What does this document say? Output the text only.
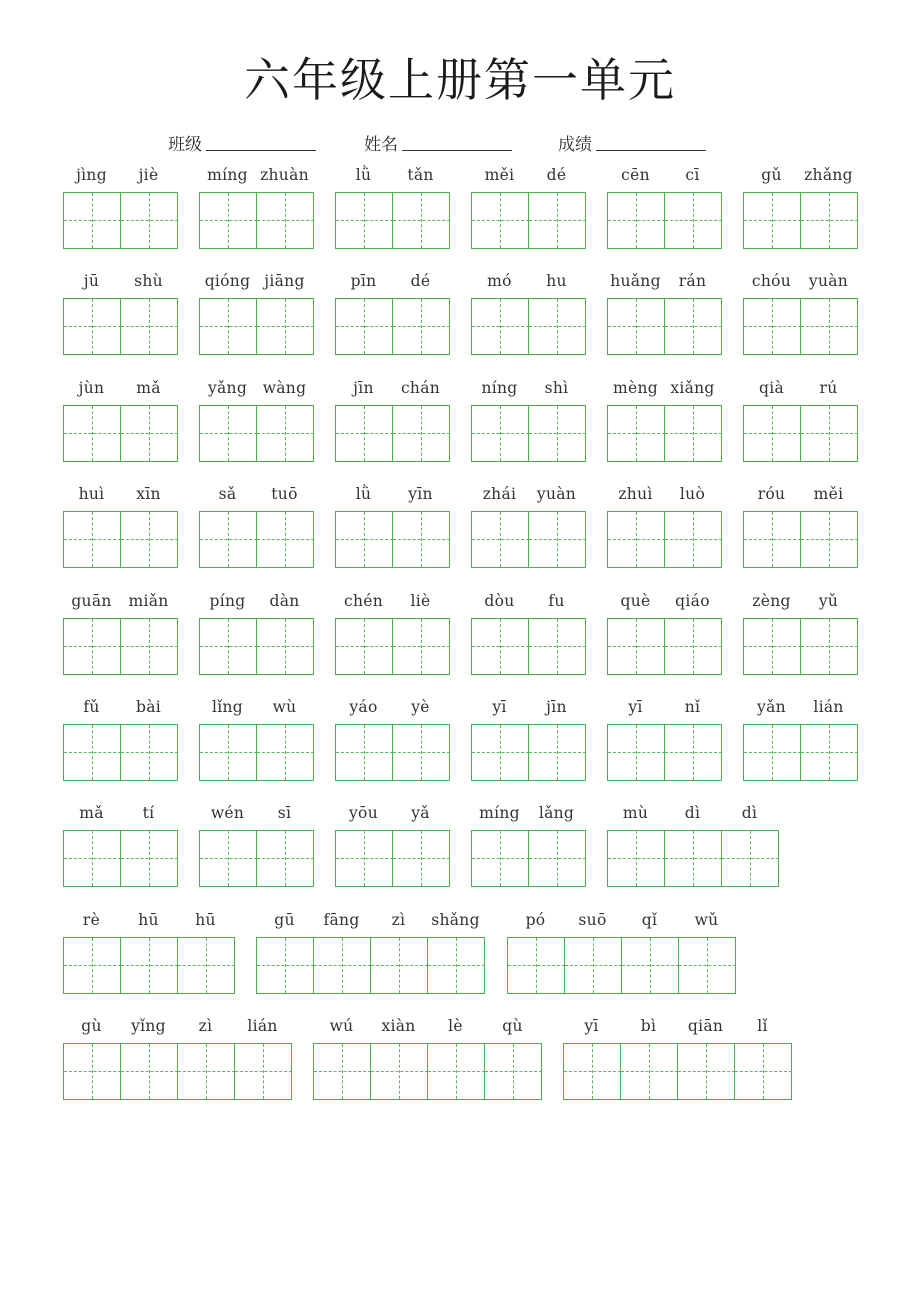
六年级上册第一单元
班级	姓名	成绩
jìng	jiè	míng zhuàn	lǜ	tǎn	měi	dé	cēn	cī	gǔ	zhǎng
jū	shù	qióng jiāng	pīn	dé	mó	hu	huǎng	rán	chóu	yuàn
jùn	mǎ	yǎng	wàng	jīn	chán	níng	shì	mèng xiǎng	qià	rú
huì	xīn	sǎ	tuō	lǜ	yīn	zhái	yuàn	zhuì	luò	róu	měi
guān	miǎn	píng	dàn	chén	liè	dòu	fu	què	qiáo	zèng	yǔ
fǔ	bài	lǐng	wù	yáo	yè	yī	jīn	yī	nǐ	yǎn	lián
mǎ	tí	wén	sī	yōu	yǎ	míng	lǎng	mù	dì	dì
rè	hū	hū	gū	fāng	zì	shǎng	pó	suō	qǐ	wǔ
gù	yǐng	zì	lián	wú	xiàn	lè	qù	yī	bì	qiān	lǐ
